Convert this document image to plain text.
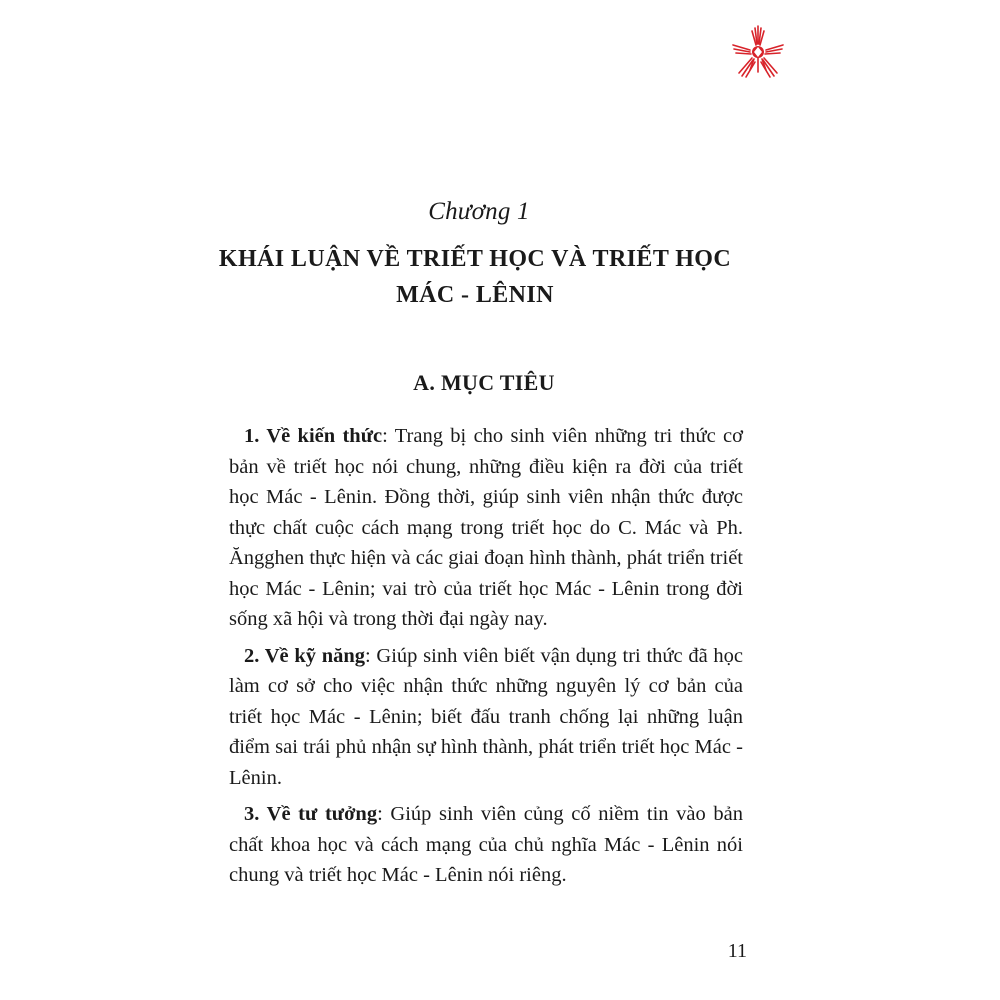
Chương 1
KHÁI LUẬN VỀ TRIẾT HỌC VÀ TRIẾT HỌC
MÁC - LÊNIN
A. MỤC TIÊU

1. Về kiến thức: Trang bị cho sinh viên những tri thức cơ bản về triết học nói chung, những điều kiện ra đời của triết học Mác - Lênin. Đồng thời, giúp sinh viên nhận thức được thực chất cuộc cách mạng trong triết học do C. Mác và Ph. Ăngghen thực hiện và các giai đoạn hình thành, phát triển triết học Mác - Lênin; vai trò của triết học Mác - Lênin trong đời sống xã hội và trong thời đại ngày nay.

2. Về kỹ năng: Giúp sinh viên biết vận dụng tri thức đã học làm cơ sở cho việc nhận thức những nguyên lý cơ bản của triết học Mác - Lênin; biết đấu tranh chống lại những luận điểm sai trái phủ nhận sự hình thành, phát triển triết học Mác - Lênin.

3. Về tư tưởng: Giúp sinh viên củng cố niềm tin vào bản chất khoa học và cách mạng của chủ nghĩa Mác - Lênin nói chung và triết học Mác - Lênin nói riêng.

11
